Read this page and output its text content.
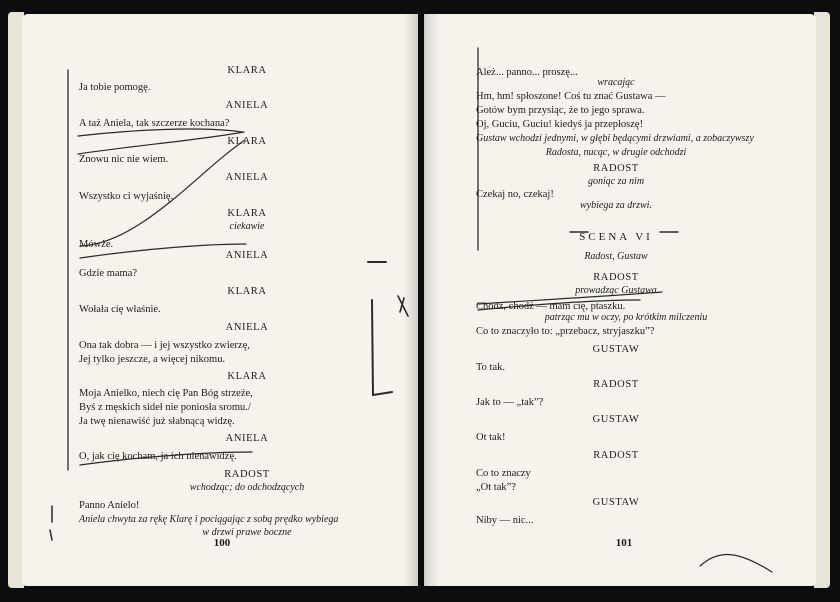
KLARA
Ja tobie pomogę.
ANIELA
A taż Aniela, tak szczerze kochana?
KLARA
Znowu nic nie wiem.
ANIELA
Wszystko ci wyjaśnię.
KLARA
ciekawie
Mówże.
ANIELA
Gdzie mama?
KLARA
Wołała cię właśnie.
ANIELA
Ona tak dobra — i jej wszystko zwierzę,
Jej tylko jeszcze, a więcej nikomu.
KLARA
Moja Anielko, niech cię Pan Bóg strzeże,
Byś z męskich sideł nie poniosła sromu./
Ja twę nienawiść już słabnącą widzę.
ANIELA
O, jak cię kocham, ja ich nienawidzę.
RADOST
wchodząc; do odchodzących
Panno Anielo!
Aniela chwyta za rękę Klarę i pociągając z sobą prędko wybiega
w drzwi prawe boczne
100
Ależ... panno... proszę...
wracając
Hm, hm! spłoszone! Coś tu znać Gustawa —
Gotów bym przysiąc, że to jego sprawa.
Oj, Guciu, Guciu! kiedyś ja przepłoszę!
Gustaw wchodzi jednymi, w głębi będącymi drzwiami, a zobaczywszy
Radosta, nucąc, w drugie odchodzi
RADOST
goniąc za nim
Czekaj no, czekaj!
wybiega za drzwi.
SCENA VI
Radost, Gustaw
RADOST
prowadząc Gustawa
Chodź, chodź — mam cię, ptaszku.
patrząc mu w oczy, po krótkim milczeniu
Co to znaczyło to: „przebacz, stryjaszku”?
GUSTAW
To tak.
RADOST
Jak to — „tak”?
GUSTAW
Ot tak!
RADOST
Co to znaczy
„Ot tak”?
GUSTAW
Niby — nic...
101
